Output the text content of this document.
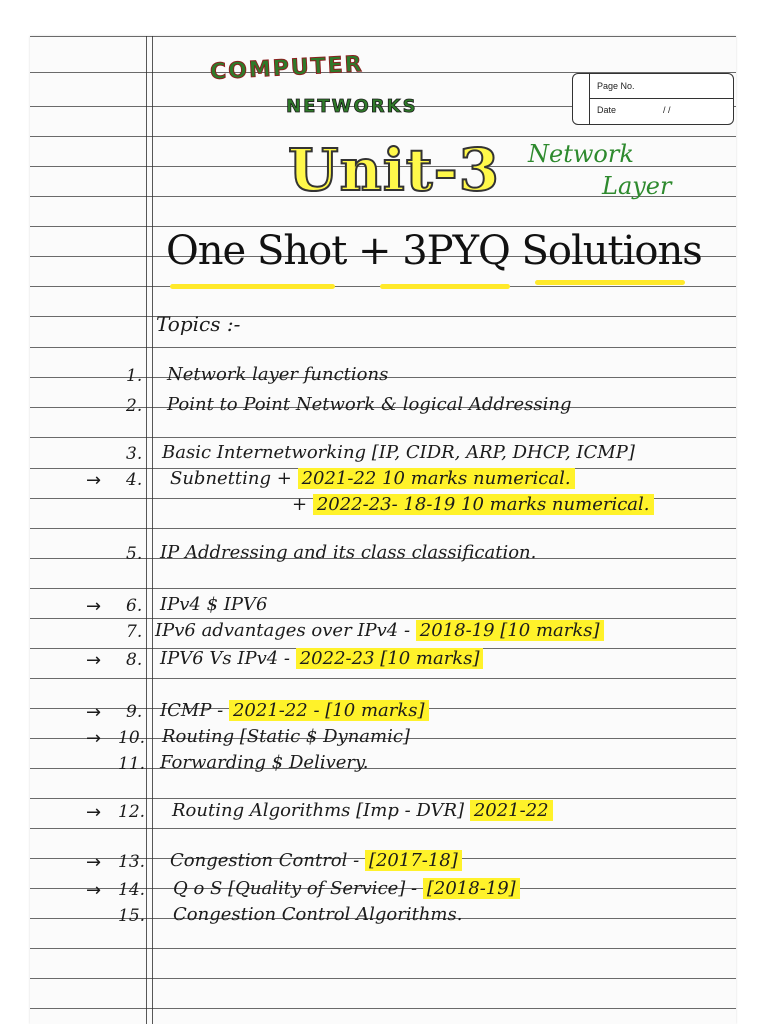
Page No.
Date	/ /
COMPUTER
NETWORKS
Unit-3 Network
Layer
One Shot + 3PYQ Solutions
Topics :-
1. Network layer functions
2. Point to Point Network & logical Addressing
3. Basic Internetworking [IP, CIDR, ARP, DHCP, ICMP]
→ 4. Subnetting + 2021-22 10 marks numerical.
+ 2022-23- 18-19 10 marks numerical.
5. IP Addressing and its class classification.
→ 6. IPv4 $ IPV6
7. IPv6 advantages over IPv4 - 2018-19 [10 marks]
→ 8. IPV6 Vs IPv4 - 2022-23 [10 marks]
→ 9. ICMP - 2021-22 - [10 marks]
→ 10. Routing [Static $ Dynamic]
11. Forwarding $ Delivery.
→ 12. Routing Algorithms [Imp - DVR] 2021-22
→ 13. Congestion Control - [2017-18]
→ 14. Q o S [Quality of Service] - [2018-19]
15. Congestion Control Algorithms.
